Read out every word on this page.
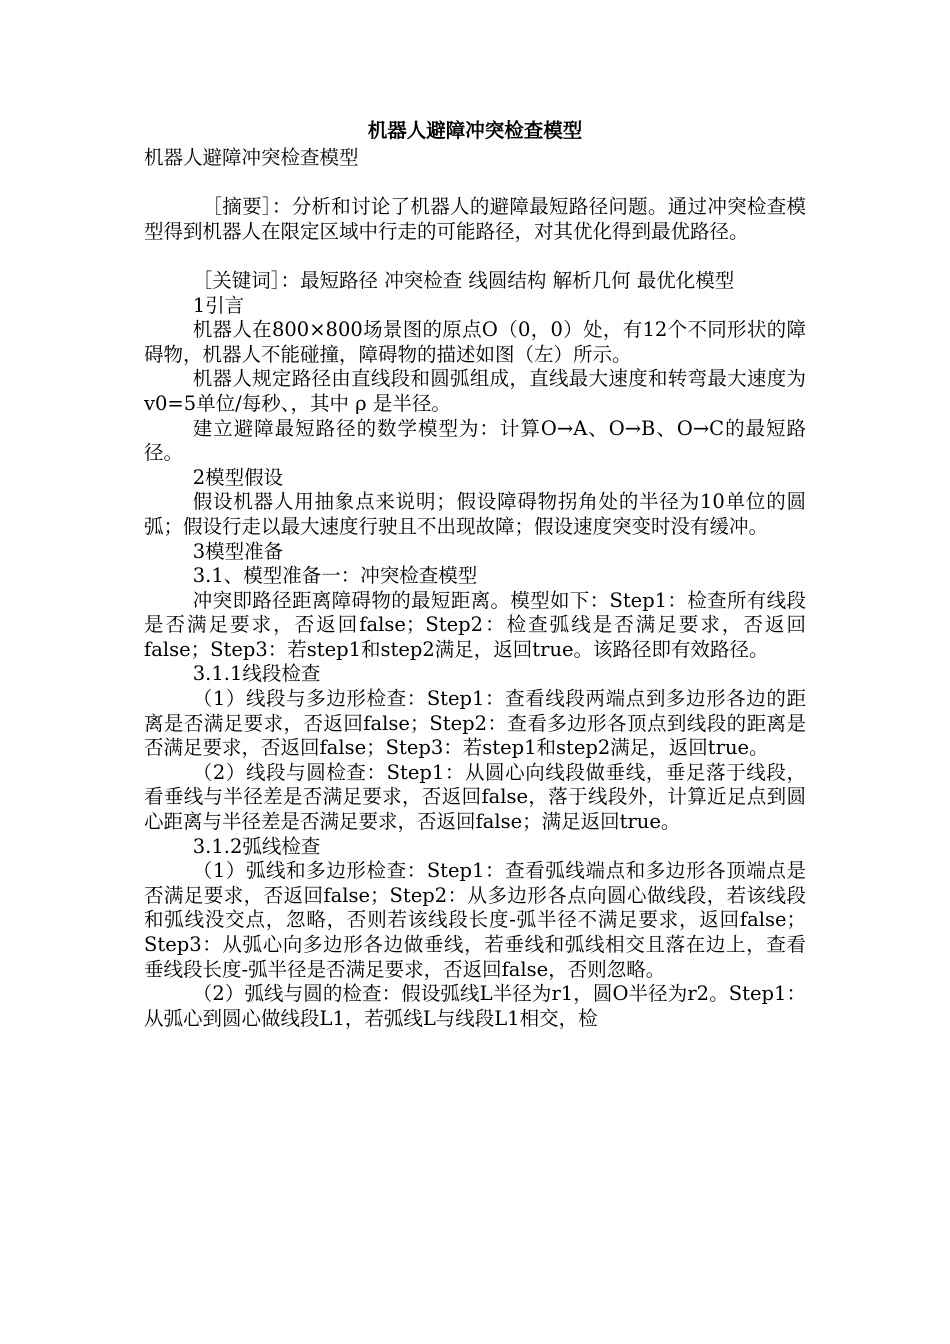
机器人避障冲突检查模型

机器人避障冲突检查模型

［摘要］：分析和讨论了机器人的避障最短路径问题。通过冲突检查模型得到机器人在限定区域中行走的可能路径，对其优化得到最优路径。

［关键词］：最短路径 冲突检查 线圆结构 解析几何 最优化模型

1引言

机器人在800×800场景图的原点O（0，0）处，有12个不同形状的障碍物，机器人不能碰撞，障碍物的描述如图（左）所示。

机器人规定路径由直线段和圆弧组成，直线最大速度和转弯最大速度为v0=5单位/每秒、，其中 ρ 是半径。

建立避障最短路径的数学模型为：计算O→A、O→B、O→C的最短路径。

2模型假设

假设机器人用抽象点来说明；假设障碍物拐角处的半径为10单位的圆弧；假设行走以最大速度行驶且不出现故障；假设速度突变时没有缓冲。

3模型准备

3.1、模型准备一：冲突检查模型

冲突即路径距离障碍物的最短距离。模型如下：Step1：检查所有线段是否满足要求，否返回false；Step2：检查弧线是否满足要求，否返回false；Step3：若step1和step2满足，返回true。该路径即有效路径。

3.1.1线段检查

（1）线段与多边形检查：Step1：查看线段两端点到多边形各边的距离是否满足要求，否返回false；Step2：查看多边形各顶点到线段的距离是否满足要求，否返回false；Step3：若step1和step2满足，返回true。

（2）线段与圆检查：Step1：从圆心向线段做垂线，垂足落于线段，看垂线与半径差是否满足要求，否返回false，落于线段外，计算近足点到圆心距离与半径差是否满足要求，否返回false；满足返回true。

3.1.2弧线检查

（1）弧线和多边形检查：Step1：查看弧线端点和多边形各顶端点是否满足要求，否返回false；Step2：从多边形各点向圆心做线段，若该线段和弧线没交点，忽略，否则若该线段长度-弧半径不满足要求，返回false；Step3：从弧心向多边形各边做垂线，若垂线和弧线相交且落在边上，查看垂线段长度-弧半径是否满足要求，否返回false，否则忽略。

（2）弧线与圆的检查：假设弧线L半径为r1，圆O半径为r2。Step1：从弧心到圆心做线段L1，若弧线L与线段L1相交，检
